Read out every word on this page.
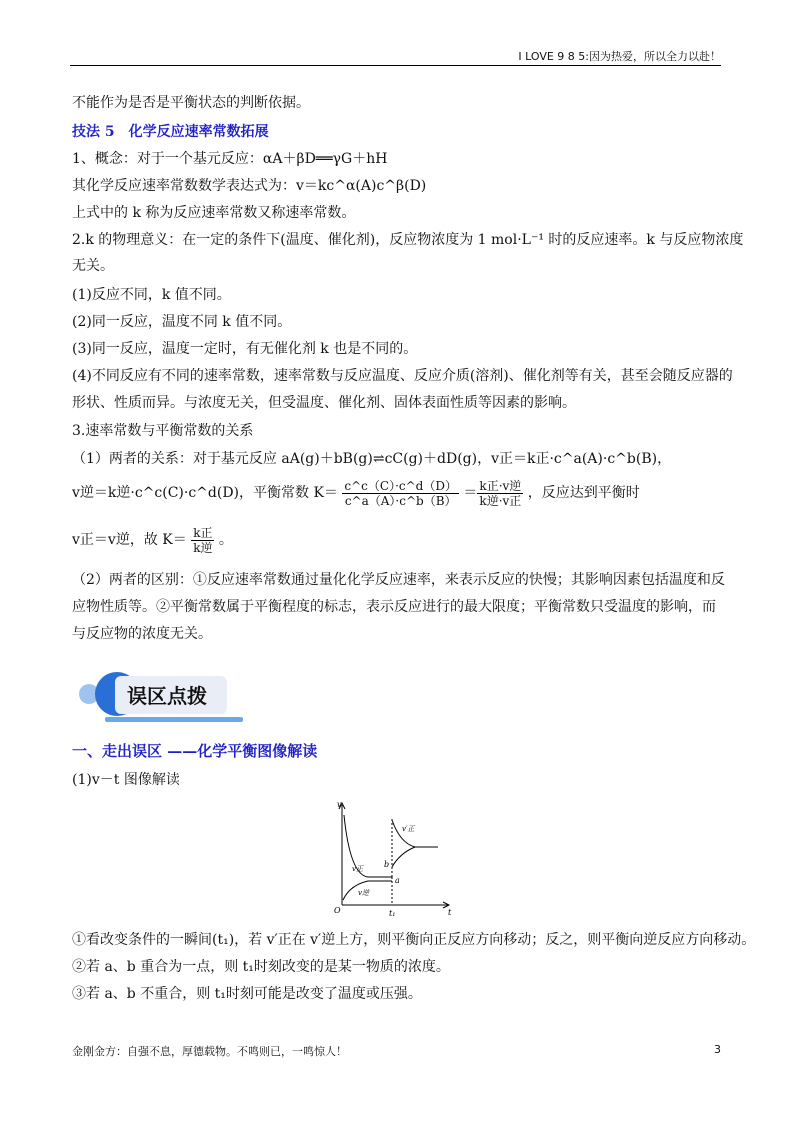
I LOVE 9 8 5:因为热爱，所以全力以赴！
不能作为是否是平衡状态的判断依据。
技法 5　化学反应速率常数拓展
1、概念：对于一个基元反应：αA＋βD══γG＋hH
其化学反应速率常数数学表达式为：v＝kc^α(A)c^β(D)
上式中的 k 称为反应速率常数又称速率常数。
2.k 的物理意义：在一定的条件下(温度、催化剂)，反应物浓度为 1 mol·L⁻¹ 时的反应速率。k 与反应物浓度
无关。
(1)反应不同，k 值不同。
(2)同一反应，温度不同 k 值不同。
(3)同一反应，温度一定时，有无催化剂 k 也是不同的。
(4)不同反应有不同的速率常数，速率常数与反应温度、反应介质(溶剂)、催化剂等有关，甚至会随反应器的
形状、性质而异。与浓度无关，但受温度、催化剂、固体表面性质等因素的影响。
3.速率常数与平衡常数的关系
（1）两者的关系：对于基元反应 aA(g)＋bB(g)⇌cC(g)＋dD(g)，v正＝k正·c^a(A)·c^b(B)，
v逆＝k逆·c^c(C)·c^d(D)，平衡常数 $K= \frac{c\^{}c(C)\cdot c\^{}d(D)}{c\^{}a(A)\cdot c\^{}b(B)} = \frac{\text{k正·v逆}}{\text{k逆·v正}}$ ，反应达到平衡时
v正＝v逆，故 $K= \frac{\text{k正}}{\text{k逆}}$ 。
（2）两者的区别：①反应速率常数通过量化化学反应速率，来表示反应的快慢；其影响因素包括温度和反
应物性质等。②平衡常数属于平衡程度的标志，表示反应进行的最大限度；平衡常数只受温度的影响，而
与反应物的浓度无关。
一、走出误区 ——化学平衡图像解读
(1)v－t 图像解读
①看改变条件的一瞬间(t₁)，若 v′正在 v′逆上方，则平衡向正反应方向移动；反之，则平衡向逆反应方向移动。
②若 a、b 重合为一点，则 t₁时刻改变的是某一物质的浓度。
③若 a、b 不重合，则 t₁时刻可能是改变了温度或压强。
误区点拨
v
t
O	t₁
v′正
v正
v逆
a
b
金刚金方：自强不息，厚德载物。不鸣则已，一鸣惊人！	3
